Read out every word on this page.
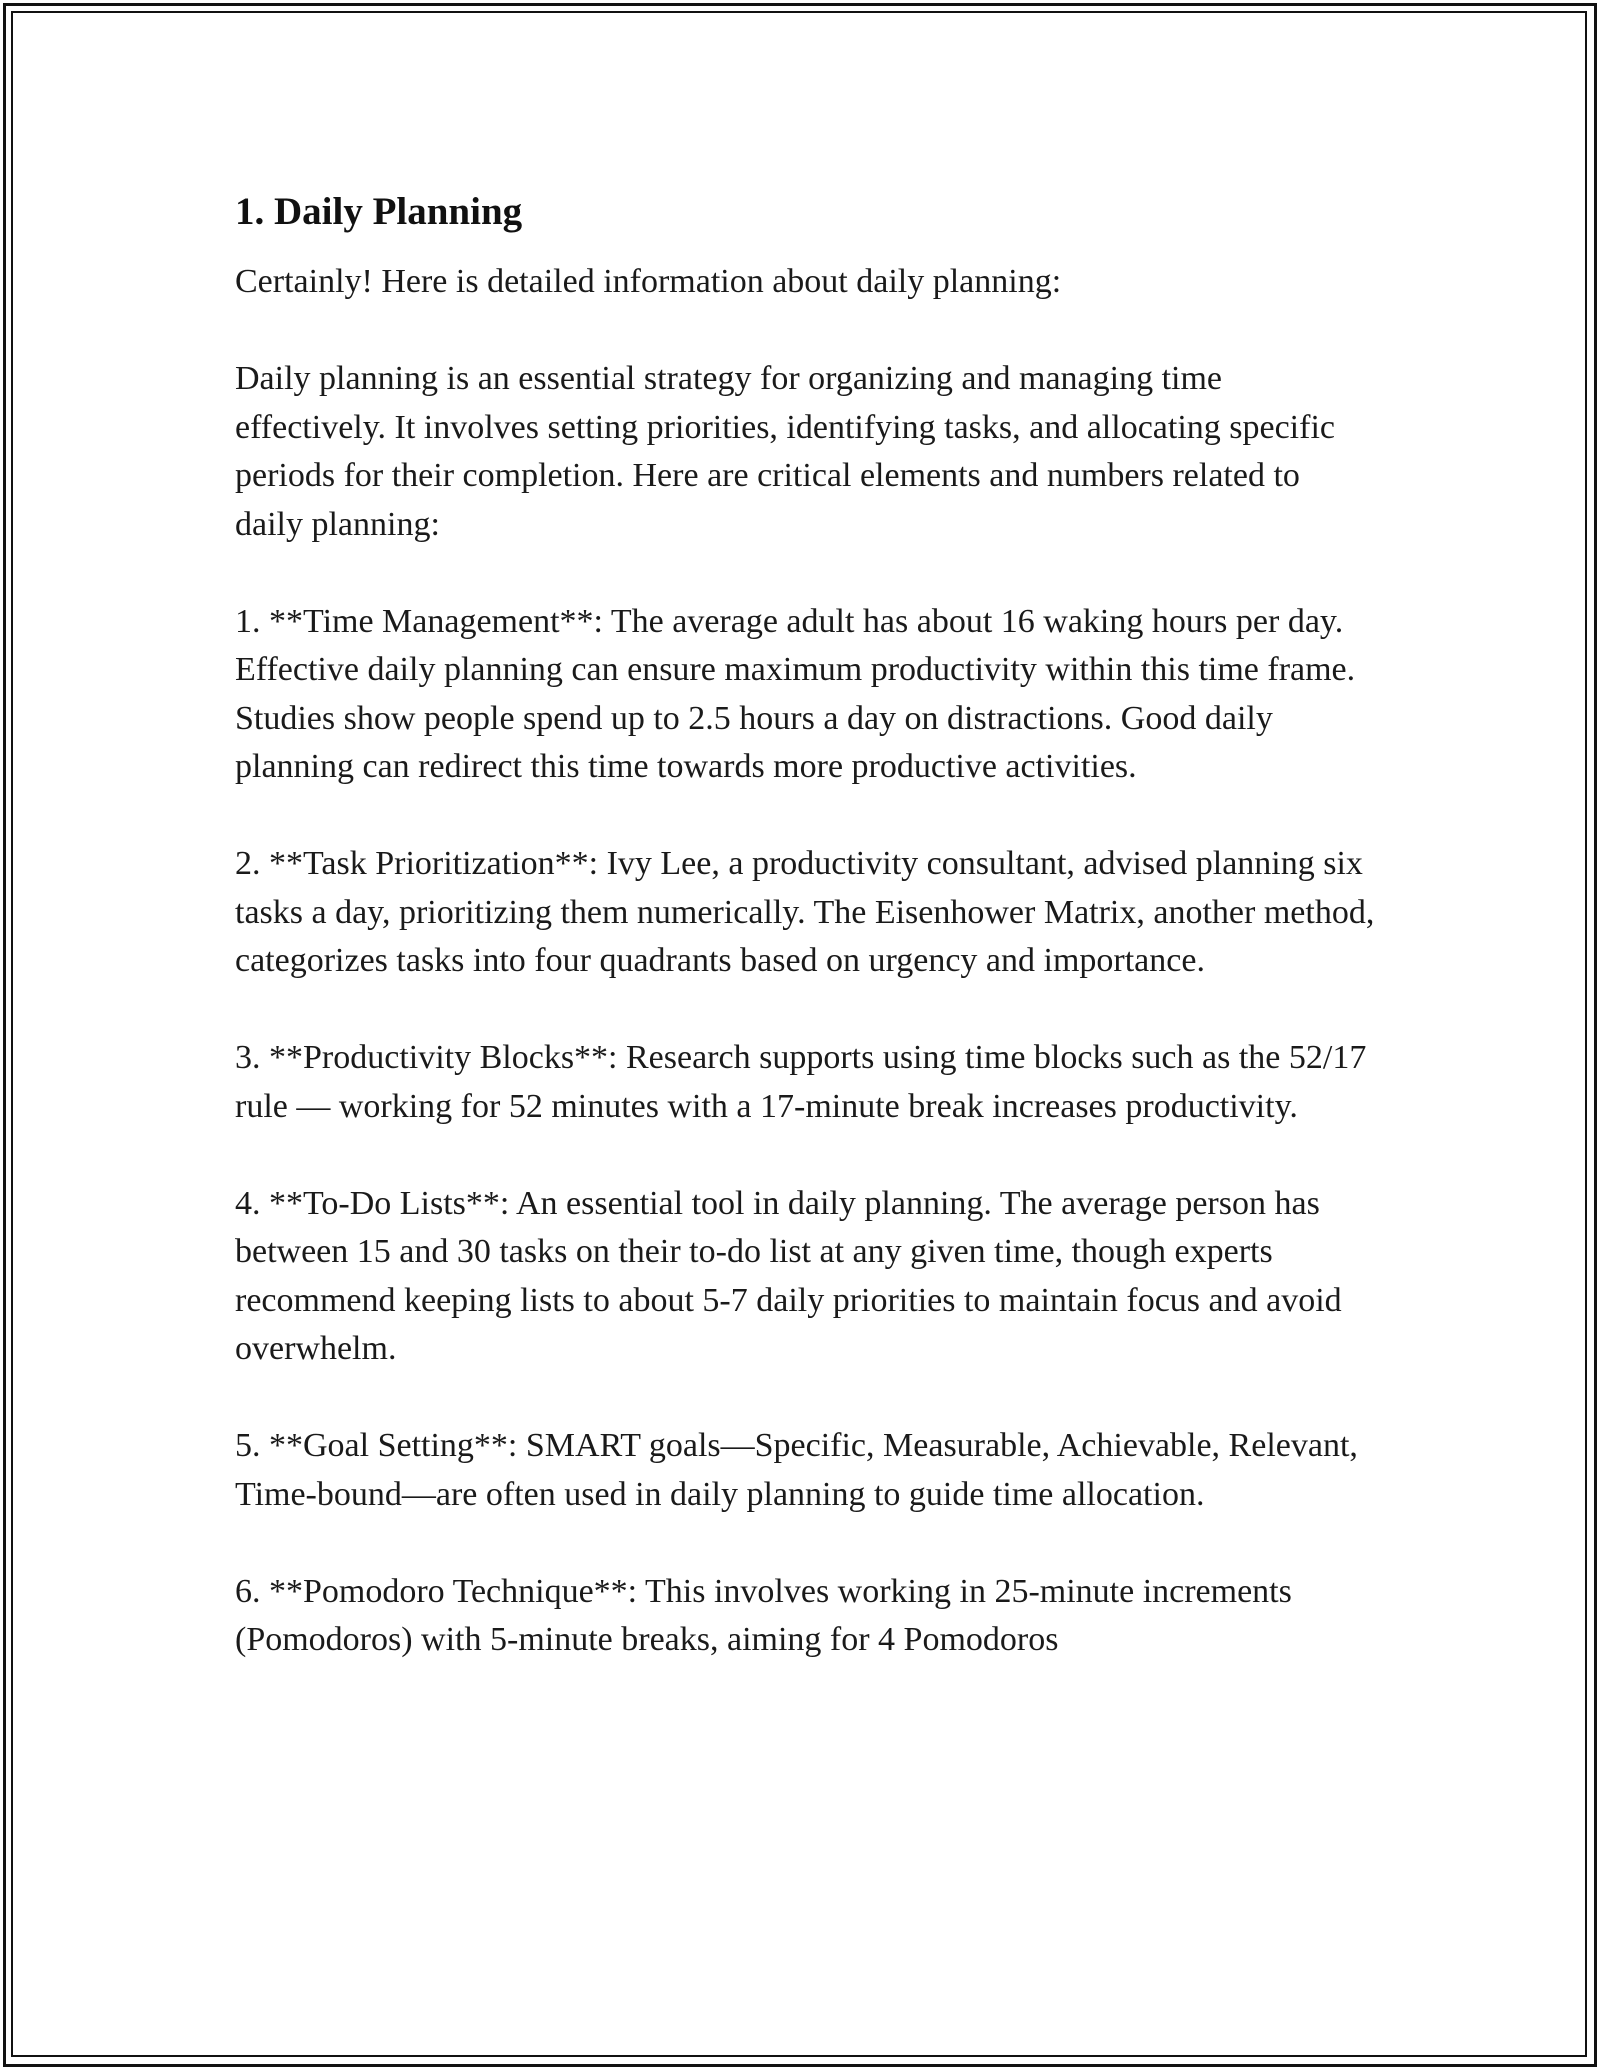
1. Daily Planning

Certainly! Here is detailed information about daily planning:

Daily planning is an essential strategy for organizing and managing time effectively. It involves setting priorities, identifying tasks, and allocating specific periods for their completion. Here are critical elements and numbers related to daily planning:

1. **Time Management**: The average adult has about 16 waking hours per day. Effective daily planning can ensure maximum productivity within this time frame. Studies show people spend up to 2.5 hours a day on distractions. Good daily planning can redirect this time towards more productive activities.

2. **Task Prioritization**: Ivy Lee, a productivity consultant, advised planning six tasks a day, prioritizing them numerically. The Eisenhower Matrix, another method, categorizes tasks into four quadrants based on urgency and importance.

3. **Productivity Blocks**: Research supports using time blocks such as the 52/17 rule — working for 52 minutes with a 17-minute break increases productivity.

4. **To-Do Lists**: An essential tool in daily planning. The average person has between 15 and 30 tasks on their to-do list at any given time, though experts recommend keeping lists to about 5-7 daily priorities to maintain focus and avoid overwhelm.

5. **Goal Setting**: SMART goals—Specific, Measurable, Achievable, Relevant, Time-bound—are often used in daily planning to guide time allocation.

6. **Pomodoro Technique**: This involves working in 25-minute increments (Pomodoros) with 5-minute breaks, aiming for 4 Pomodoros
